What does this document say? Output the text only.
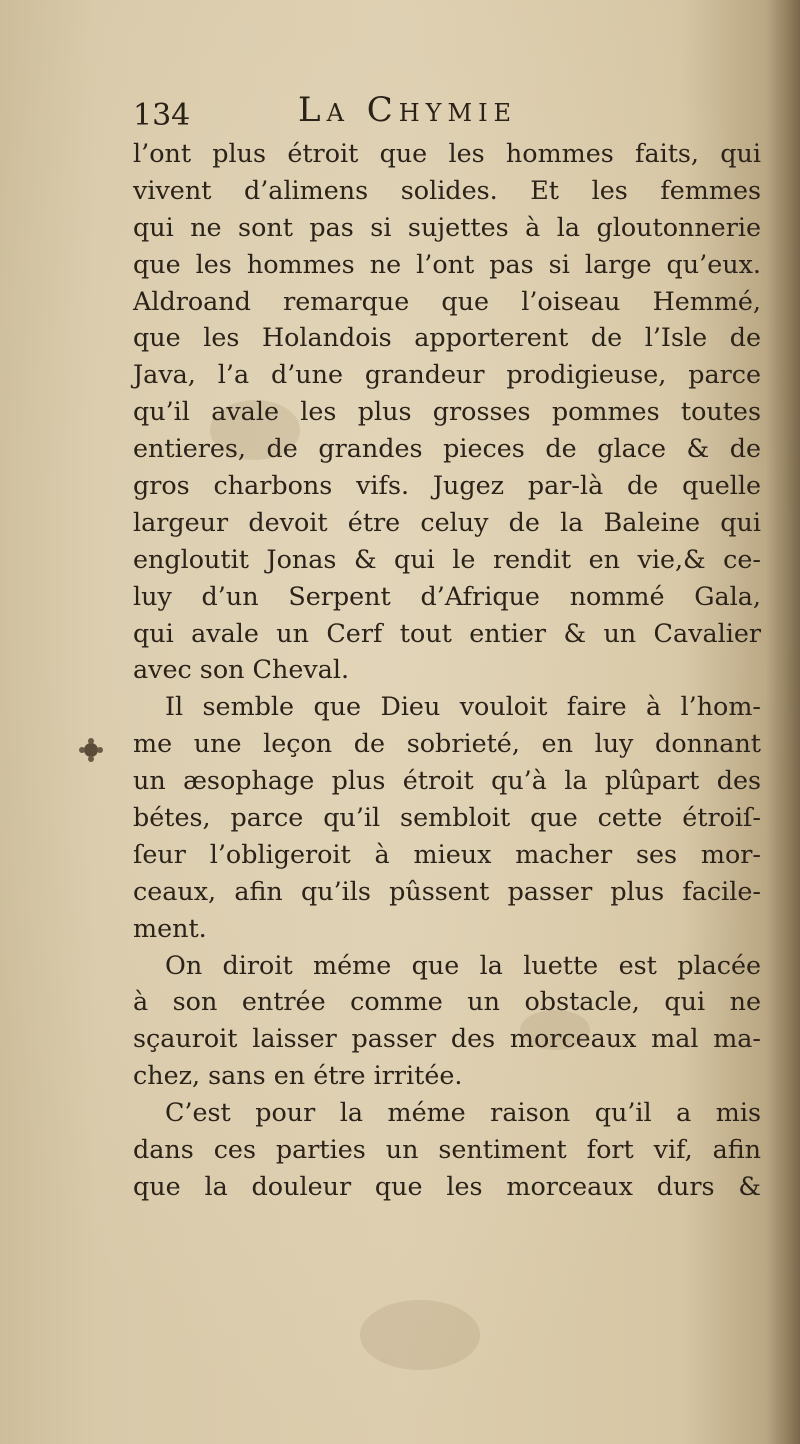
134	La Chymie
l’ont plus étroit que les hommes faits, qui
vivent d’alimens solides. Et les femmes
qui ne sont pas si sujettes à la gloutonnerie
que les hommes ne l’ont pas si large qu’eux.
Aldroand remarque que l’oiseau Hemmé,
que les Holandois apporterent de l’Isle de
Java, l’a d’une grandeur prodigieuse, parce
qu’il avale les plus grosses pommes toutes
entieres, de grandes pieces de glace & de
gros charbons vifs. Jugez par-là de quelle
largeur devoit étre celuy de la Baleine qui
engloutit Jonas & qui le rendit en vie,& ce-
luy d’un Serpent d’Afrique nommé Gala,
qui avale un Cerf tout entier & un Cavalier
avec son Cheval.
Il semble que Dieu vouloit faire à l’hom-
me une leçon de sobrieté, en luy donnant
un æsophage plus étroit qu’à la plûpart des
bétes, parce qu’il sembloit que cette étroiſ-
ſeur l’obligeroit à mieux macher ses mor-
ceaux, afin qu’ils pûssent passer plus facile-
ment.
On diroit méme que la luette est placée
à son entrée comme un obstacle, qui ne
sçauroit laisser passer des morceaux mal ma-
chez, sans en étre irritée.
C’est pour la méme raison qu’il a mis
dans ces parties un sentiment fort vif, afin
que la douleur que les morceaux durs &
